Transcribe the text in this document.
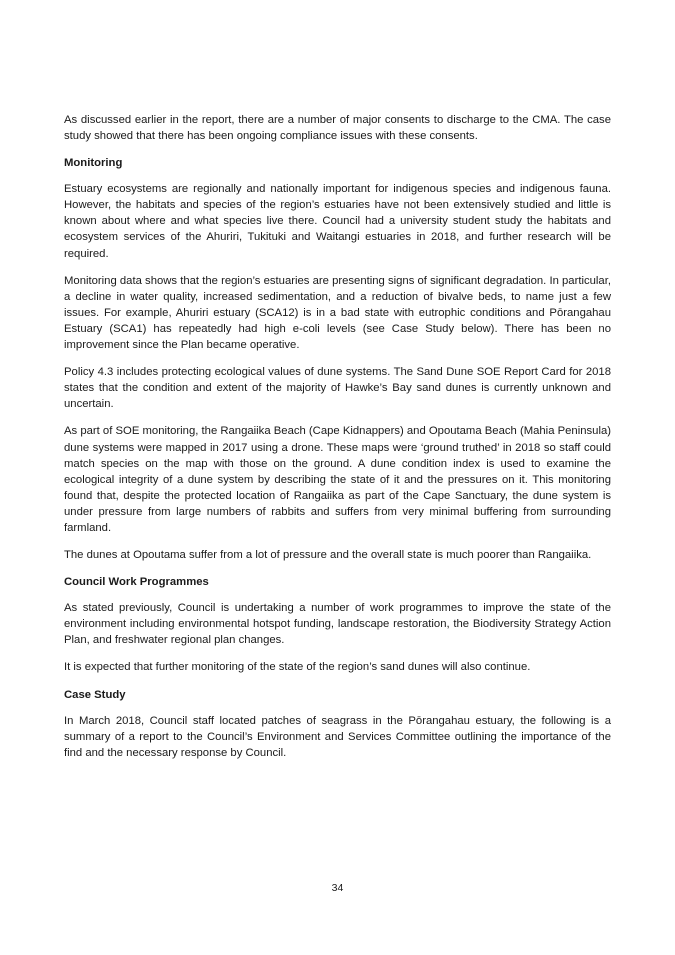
As discussed earlier in the report, there are a number of major consents to discharge to the CMA. The case study showed that there has been ongoing compliance issues with these consents.

Monitoring

Estuary ecosystems are regionally and nationally important for indigenous species and indigenous fauna. However, the habitats and species of the region’s estuaries have not been extensively studied and little is known about where and what species live there. Council had a university student study the habitats and ecosystem services of the Ahuriri, Tukituki and Waitangi estuaries in 2018, and further research will be required.

Monitoring data shows that the region’s estuaries are presenting signs of significant degradation. In particular, a decline in water quality, increased sedimentation, and a reduction of bivalve beds, to name just a few issues. For example, Ahuriri estuary (SCA12) is in a bad state with eutrophic conditions and Pōrangahau Estuary (SCA1) has repeatedly had high e-coli levels (see Case Study below). There has been no improvement since the Plan became operative.

Policy 4.3 includes protecting ecological values of dune systems. The Sand Dune SOE Report Card for 2018 states that the condition and extent of the majority of Hawke’s Bay sand dunes is currently unknown and uncertain.

As part of SOE monitoring, the Rangaiika Beach (Cape Kidnappers) and Opoutama Beach (Mahia Peninsula) dune systems were mapped in 2017 using a drone. These maps were ‘ground truthed’ in 2018 so staff could match species on the map with those on the ground. A dune condition index is used to examine the ecological integrity of a dune system by describing the state of it and the pressures on it. This monitoring found that, despite the protected location of Rangaiika as part of the Cape Sanctuary, the dune system is under pressure from large numbers of rabbits and suffers from very minimal buffering from surrounding farmland.

The dunes at Opoutama suffer from a lot of pressure and the overall state is much poorer than Rangaiika.

Council Work Programmes

As stated previously, Council is undertaking a number of work programmes to improve the state of the environment including environmental hotspot funding, landscape restoration, the Biodiversity Strategy Action Plan, and freshwater regional plan changes.

It is expected that further monitoring of the state of the region’s sand dunes will also continue.

Case Study

In March 2018, Council staff located patches of seagrass in the Pōrangahau estuary, the following is a summary of a report to the Council’s Environment and Services Committee outlining the importance of the find and the necessary response by Council.

34
